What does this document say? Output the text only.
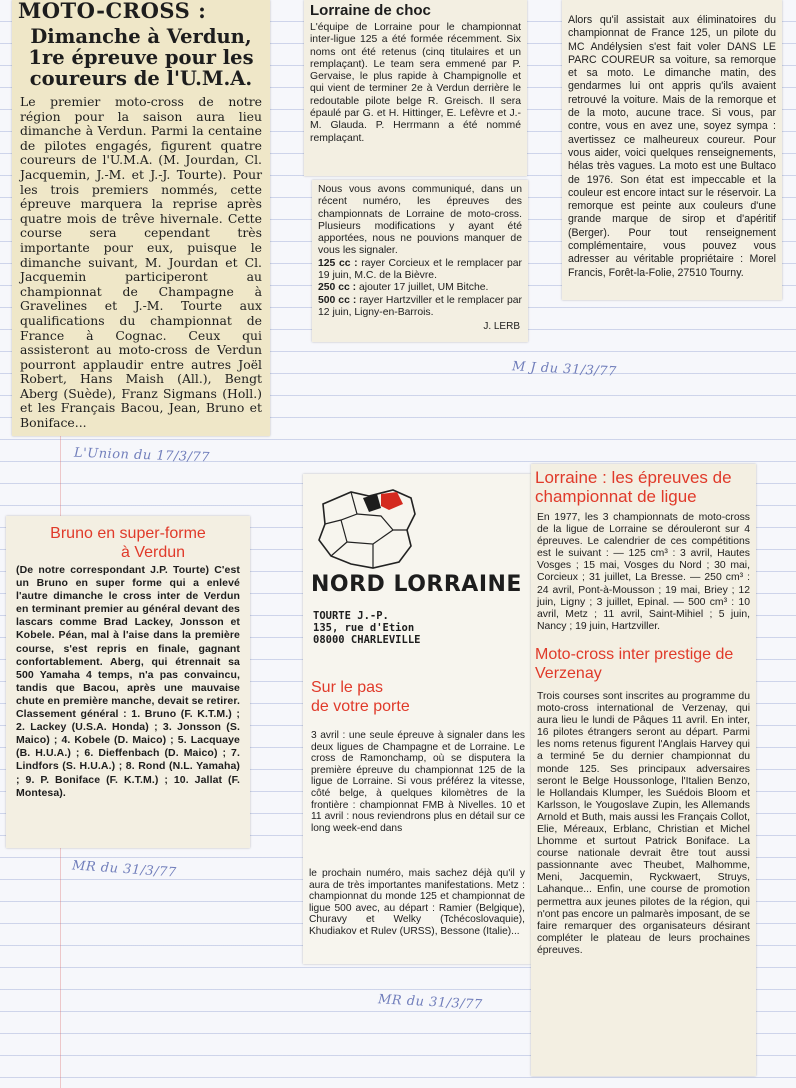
MOTO-CROSS :

Dimanche à Verdun, 1re épreuve pour les coureurs de l'U.M.A.

Le premier moto-cross de notre région pour la saison aura lieu dimanche à Verdun. Parmi la centaine de pilotes engagés, figurent quatre coureurs de l'U.M.A. (M. Jourdan, Cl. Jacquemin, J.-M. et J.-J. Tourte). Pour les trois premiers nommés, cette épreuve marquera la reprise après quatre mois de trêve hivernale. Cette course sera cependant très importante pour eux, puisque le dimanche suivant, M. Jourdan et Cl. Jacquemin participeront au championnat de Champagne à Gravelines et J.-M. Tourte aux qualifications du championnat de France à Cognac. Ceux qui assisteront au moto-cross de Verdun pourront applaudir entre autres Joël Robert, Hans Maish (All.), Bengt Aberg (Suède), Franz Sigmans (Holl.) et les Français Bacou, Jean, Bruno et Boniface...

Lorraine de choc

L'équipe de Lorraine pour le championnat inter-ligue 125 a été formée récemment. Six noms ont été retenus (cinq titulaires et un remplaçant). Le team sera emmené par P. Gervaise, le plus rapide à Champignolle et qui vient de terminer 2e à Verdun derrière le redoutable pilote belge R. Greisch. Il sera épaulé par G. et H. Hittinger, E. Lefèvre et J.-M. Glauda. P. Herrmann a été nommé remplaçant.

Nous vous avons communiqué, dans un récent numéro, les épreuves des championnats de Lorraine de moto-cross. Plusieurs modifications y ayant été apportées, nous ne pouvions manquer de vous les signaler.

125 cc : rayer Corcieux et le remplacer par 19 juin, M.C. de la Bièvre.

250 cc : ajouter 17 juillet, UM Bitche.

500 cc : rayer Hartzviller et le remplacer par 12 juin, Ligny-en-Barrois.

J. LERB

Alors qu'il assistait aux éliminatoires du championnat de France 125, un pilote du MC Andélysien s'est fait voler DANS LE PARC COUREUR sa voiture, sa remorque et sa moto. Le dimanche matin, des gendarmes lui ont appris qu'ils avaient retrouvé la voiture. Mais de la remorque et de la moto, aucune trace. Si vous, par contre, vous en avez une, soyez sympa : avertissez ce malheureux coureur. Pour vous aider, voici quelques renseignements, hélas très vagues. La moto est une Bultaco de 1976. Son état est impeccable et la couleur est encore intact sur le réservoir. La remorque est peinte aux couleurs d'une grande marque de sirop et d'apéritif (Berger). Pour tout renseignement complémentaire, vous pouvez vous adresser au véritable propriétaire : Morel Francis, Forêt-la-Folie, 27510 Tourny.

M J du 31/3/77
L'Union du 17/3/77

Bruno en super-forme

à Verdun

(De notre correspondant J.P. Tourte) C'est un Bruno en super forme qui a enlevé l'autre dimanche le cross inter de Verdun en terminant premier au général devant des lascars comme Brad Lackey, Jonsson et Kobele. Péan, mal à l'aise dans la première course, s'est repris en finale, gagnant confortablement. Aberg, qui étrennait sa 500 Yamaha 4 temps, n'a pas convaincu, tandis que Bacou, après une mauvaise chute en première manche, devait se retirer. Classement général : 1. Bruno (F. K.T.M.) ; 2. Lackey (U.S.A. Honda) ; 3. Jonsson (S. Maico) ; 4. Kobele (D. Maico) ; 5. Lacquaye (B. H.U.A.) ; 6. Dieffenbach (D. Maico) ; 7. Lindfors (S. H.U.A.) ; 8. Rond (N.L. Yamaha) ; 9. P. Boniface (F. K.T.M.) ; 10. Jallat (F. Montesa).

MR du 31/3/77
NORD LORRAINE
TOURTE J.-P.
135, rue d'Etion
08000 CHARLEVILLE
Sur le pas
de votre porte

3 avril : une seule épreuve à signaler dans les deux ligues de Champagne et de Lorraine. Le cross de Ramonchamp, où se disputera la première épreuve du championnat 125 de la ligue de Lorraine. Si vous préférez la vitesse, côté belge, à quelques kilomètres de la frontière : championnat FMB à Nivelles. 10 et 11 avril : nous reviendrons plus en détail sur ce long week-end dans

le prochain numéro, mais sachez déjà qu'il y aura de très importantes manifestations. Metz : championnat du monde 125 et championnat de ligue 500 avec, au départ : Ramier (Belgique), Churavy et Welky (Tchécoslovaquie), Khudiakov et Rulev (URSS), Bessone (Italie)...

MR du 31/3/77

Lorraine : les épreuves de championnat de ligue

En 1977, les 3 championnats de moto-cross de la ligue de Lorraine se dérouleront sur 4 épreuves. Le calendrier de ces compétitions est le suivant : — 125 cm³ : 3 avril, Hautes Vosges ; 15 mai, Vosges du Nord ; 30 mai, Corcieux ; 31 juillet, La Bresse. — 250 cm³ : 24 avril, Pont-à-Mousson ; 19 mai, Briey ; 12 juin, Ligny ; 3 juillet, Epinal. — 500 cm³ : 10 avril, Metz ; 11 avril, Saint-Mihiel ; 5 juin, Nancy ; 19 juin, Hartzviller.

Moto-cross inter prestige de Verzenay

Trois courses sont inscrites au programme du moto-cross international de Verzenay, qui aura lieu le lundi de Pâques 11 avril. En inter, 16 pilotes étrangers seront au départ. Parmi les noms retenus figurent l'Anglais Harvey qui a terminé 5e du dernier championnat du monde 125. Ses principaux adversaires seront le Belge Houssonloge, l'Italien Benzo, le Hollandais Klumper, les Suédois Bloom et Karlsson, le Yougoslave Zupin, les Allemands Arnold et Buth, mais aussi les Français Collot, Elie, Méreaux, Erblanc, Christian et Michel Lhomme et surtout Patrick Boniface. La course nationale devrait être tout aussi passionnante avec Theubet, Malhomme, Meni, Jacquemin, Ryckwaert, Struys, Lahanque... Enfin, une course de promotion permettra aux jeunes pilotes de la région, qui n'ont pas encore un palmarès imposant, de se faire remarquer des organisateurs désirant compléter le plateau de leurs prochaines épreuves.
